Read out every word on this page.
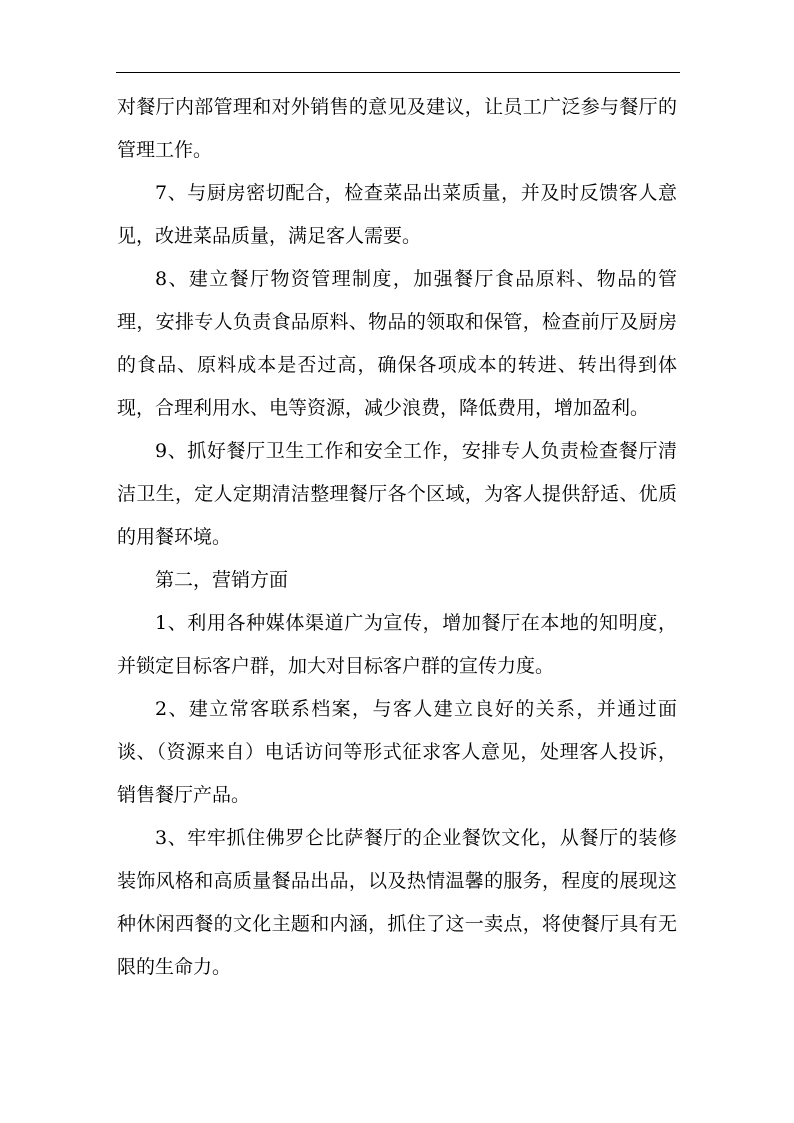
对餐厅内部管理和对外销售的意见及建议，让员工广泛参与餐厅的管理工作。

7、与厨房密切配合，检查菜品出菜质量，并及时反馈客人意见，改进菜品质量，满足客人需要。

8、建立餐厅物资管理制度，加强餐厅食品原料、物品的管理，安排专人负责食品原料、物品的领取和保管，检查前厅及厨房的食品、原料成本是否过高，确保各项成本的转进、转出得到体现，合理利用水、电等资源，减少浪费，降低费用，增加盈利。

9、抓好餐厅卫生工作和安全工作，安排专人负责检查餐厅清洁卫生，定人定期清洁整理餐厅各个区域，为客人提供舒适、优质的用餐环境。

第二，营销方面

1、利用各种媒体渠道广为宣传，增加餐厅在本地的知明度，并锁定目标客户群，加大对目标客户群的宣传力度。

2、建立常客联系档案，与客人建立良好的关系，并通过面谈、（资源来自）电话访问等形式征求客人意见，处理客人投诉，销售餐厅产品。

3、牢牢抓住佛罗仑比萨餐厅的企业餐饮文化，从餐厅的装修装饰风格和高质量餐品出品，以及热情温馨的服务，程度的展现这种休闲西餐的文化主题和内涵，抓住了这一卖点，将使餐厅具有无限的生命力。
